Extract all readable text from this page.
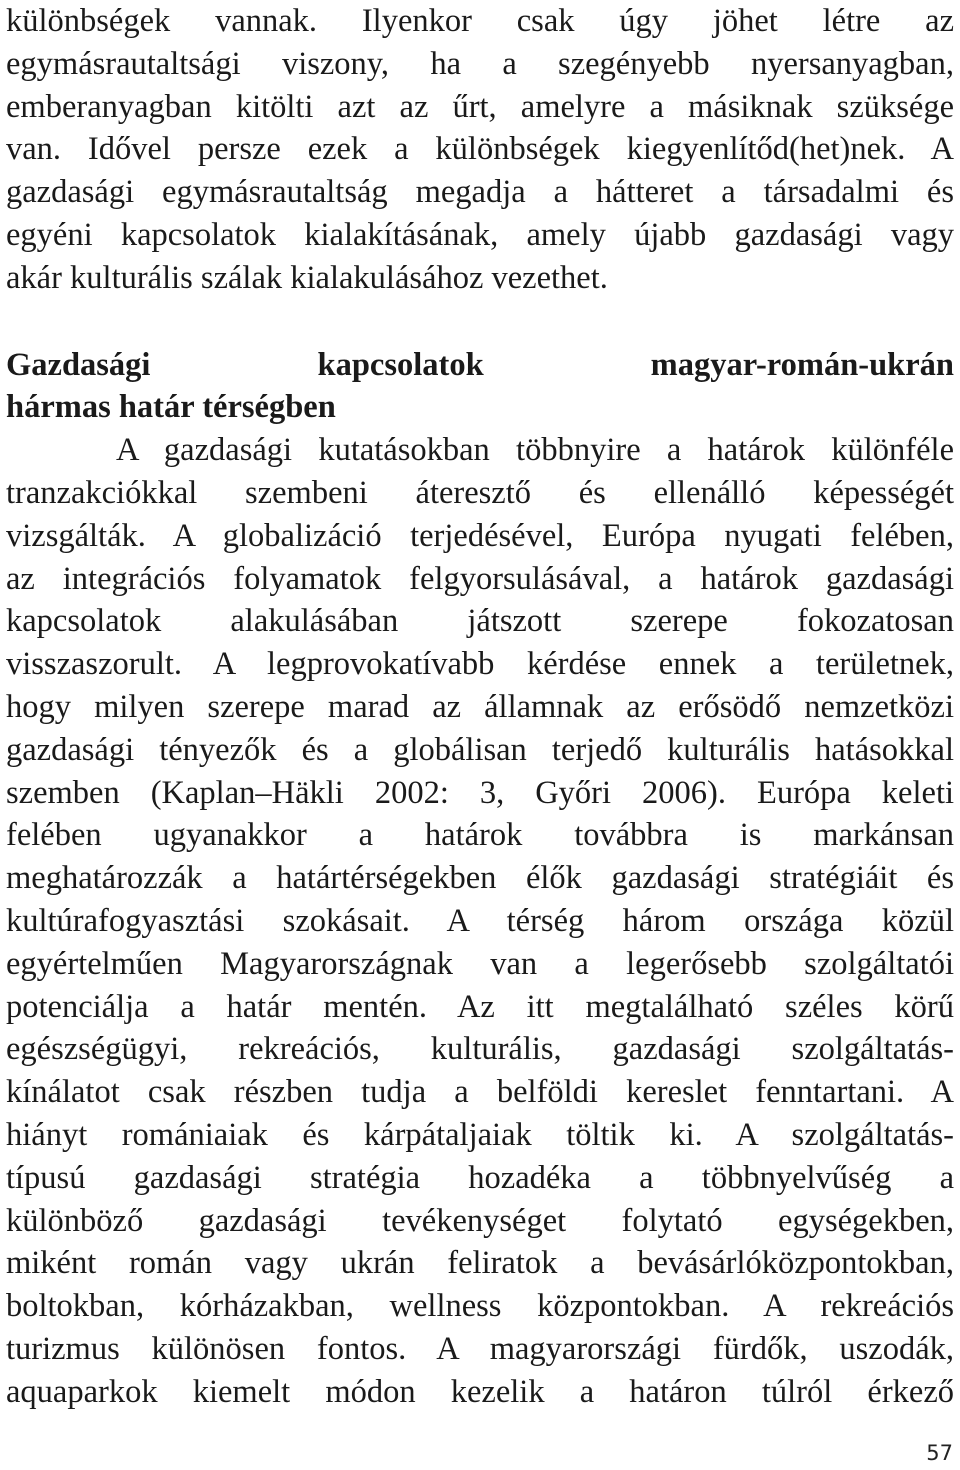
különbségek vannak. Ilyenkor csak úgy jöhet létre az
egymásrautaltsági viszony, ha a szegényebb nyersanyagban,
emberanyagban kitölti azt az űrt, amelyre a másiknak szüksége
van. Idővel persze ezek a különbségek kiegyenlítőd(het)nek. A
gazdasági egymásrautaltság megadja a hátteret a társadalmi és
egyéni kapcsolatok kialakításának, amely újabb gazdasági vagy
akár kulturális szálak kialakulásához vezethet.
Gazdasági kapcsolatok magyar-román-ukrán
hármas határ térségben
A gazdasági kutatásokban többnyire a határok különféle
tranzakciókkal szembeni áteresztő és ellenálló képességét
vizsgálták. A globalizáció terjedésével, Európa nyugati felében,
az integrációs folyamatok felgyorsulásával, a határok gazdasági
kapcsolatok alakulásában játszott szerepe fokozatosan
visszaszorult. A legprovokatívabb kérdése ennek a területnek,
hogy milyen szerepe marad az államnak az erősödő nemzetközi
gazdasági tényezők és a globálisan terjedő kulturális hatásokkal
szemben (Kaplan–Häkli 2002: 3, Győri 2006). Európa keleti
felében ugyanakkor a határok továbbra is markánsan
meghatározzák a határtérségekben élők gazdasági stratégiáit és
kultúrafogyasztási szokásait. A térség három országa közül
egyértelműen Magyarországnak van a legerősebb szolgáltatói
potenciálja a határ mentén. Az itt megtalálható széles körű
egészségügyi, rekreációs, kulturális, gazdasági szolgáltatás-
kínálatot csak részben tudja a belföldi kereslet fenntartani. A
hiányt romániaiak és kárpátaljaiak töltik ki. A szolgáltatás-
típusú gazdasági stratégia hozadéka a többnyelvűség a
különböző gazdasági tevékenységet folytató egységekben,
miként román vagy ukrán feliratok a bevásárlóközpontokban,
boltokban, kórházakban, wellness központokban. A rekreációs
turizmus különösen fontos. A magyarországi fürdők, uszodák,
aquaparkok kiemelt módon kezelik a határon túlról érkező
57
